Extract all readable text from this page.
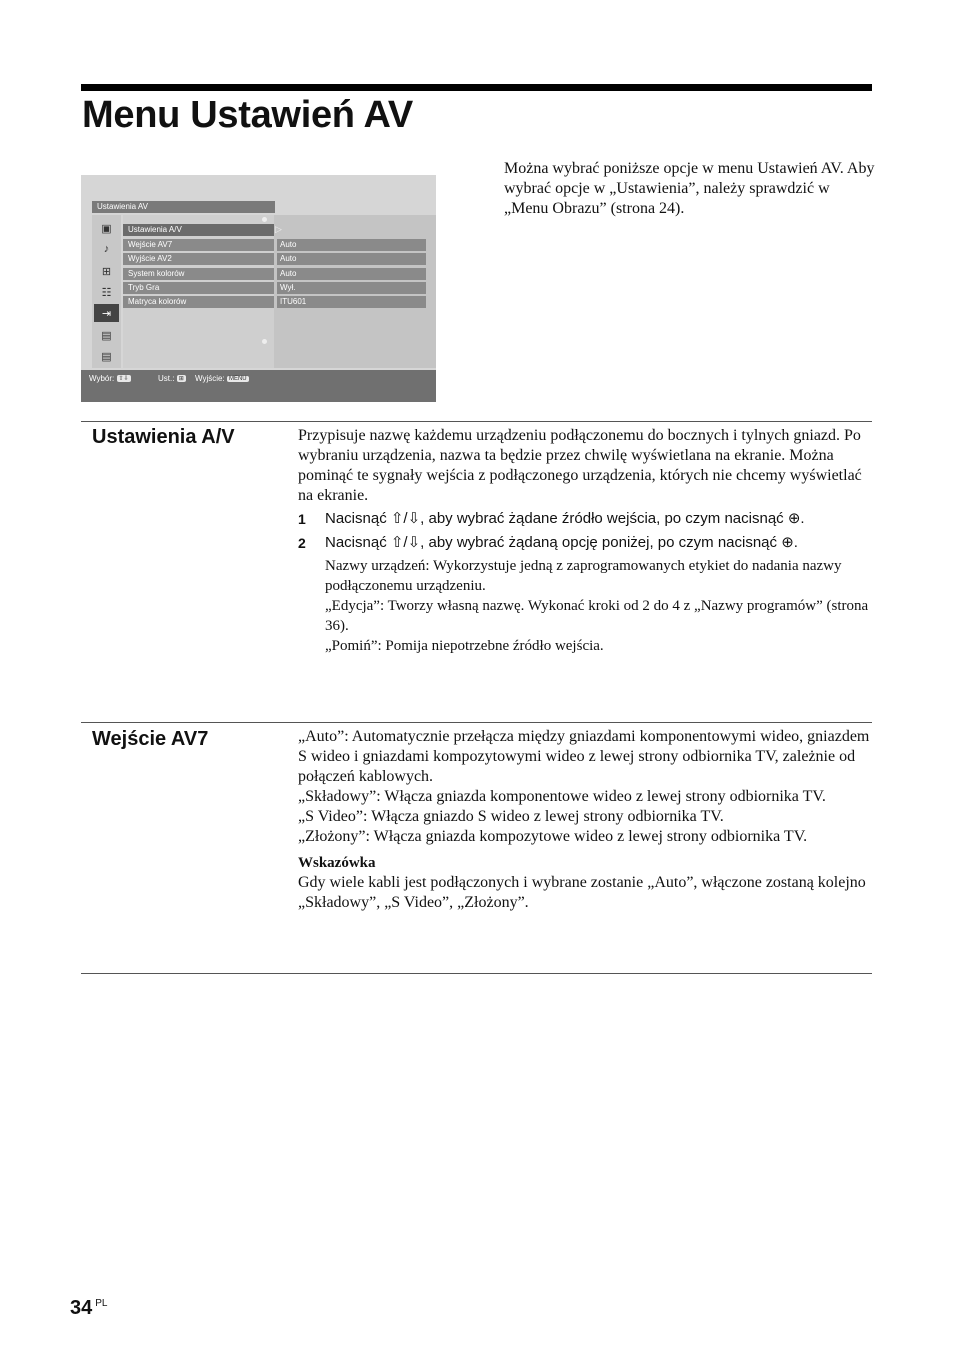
Menu Ustawień AV
Można wybrać poniższe opcje w menu Ustawień AV. Aby wybrać opcje w „Ustawienia”, należy sprawdzić w „Menu Obrazu” (strona 24).
Ustawienia AV
▣
♪
⊞
☷
⇥
▤
▤
Ustawienia A/V
Wejście AV7
Wyjście AV2
System kolorów
Tryb Gra
Matryca kolorów
Auto
Auto
Auto
Wył.
ITU601
▷
Wybór: ⇧⇩	Ust.: ⊞ Wyjście: MENU
Ustawienia A/V	Przypisuje nazwę każdemu urządzeniu podłączonemu do bocznych i tylnych gniazd. Po wybraniu urządzenia, nazwa ta będzie przez chwilę wyświetlana na ekranie. Można pominąć te sygnały wejścia z podłączonego urządzenia, których nie chcemy wyświetlać na ekranie.

1 Nacisnąć ⇧/⇩, aby wybrać żądane źródło wejścia, po czym nacisnąć ⊕.
2 Nacisnąć ⇧/⇩, aby wybrać żądaną opcję poniżej, po czym nacisnąć ⊕.
Nazwy urządzeń: Wykorzystuje jedną z zaprogramowanych etykiet do nadania nazwy podłączonemu urządzeniu.
„Edycja”: Tworzy własną nazwę. Wykonać kroki od 2 do 4 z „Nazwy programów” (strona 36).
„Pomiń”: Pomija niepotrzebne źródło wejścia.
Wejście AV7	„Auto”: Automatycznie przełącza między gniazdami komponentowymi wideo, gniazdem S wideo i gniazdami kompozytowymi wideo z lewej strony odbiornika TV, zależnie od połączeń kablowych.

„Składowy”: Włącza gniazda komponentowe wideo z lewej strony odbiornika TV.

„S Video”: Włącza gniazdo S wideo z lewej strony odbiornika TV.

„Złożony”: Włącza gniazda kompozytowe wideo z lewej strony odbiornika TV.

Wskazówka

Gdy wiele kabli jest podłączonych i wybrane zostanie „Auto”, włączone zostaną kolejno „Składowy”, „S Video”, „Złożony”.

34 $^{PL}$
